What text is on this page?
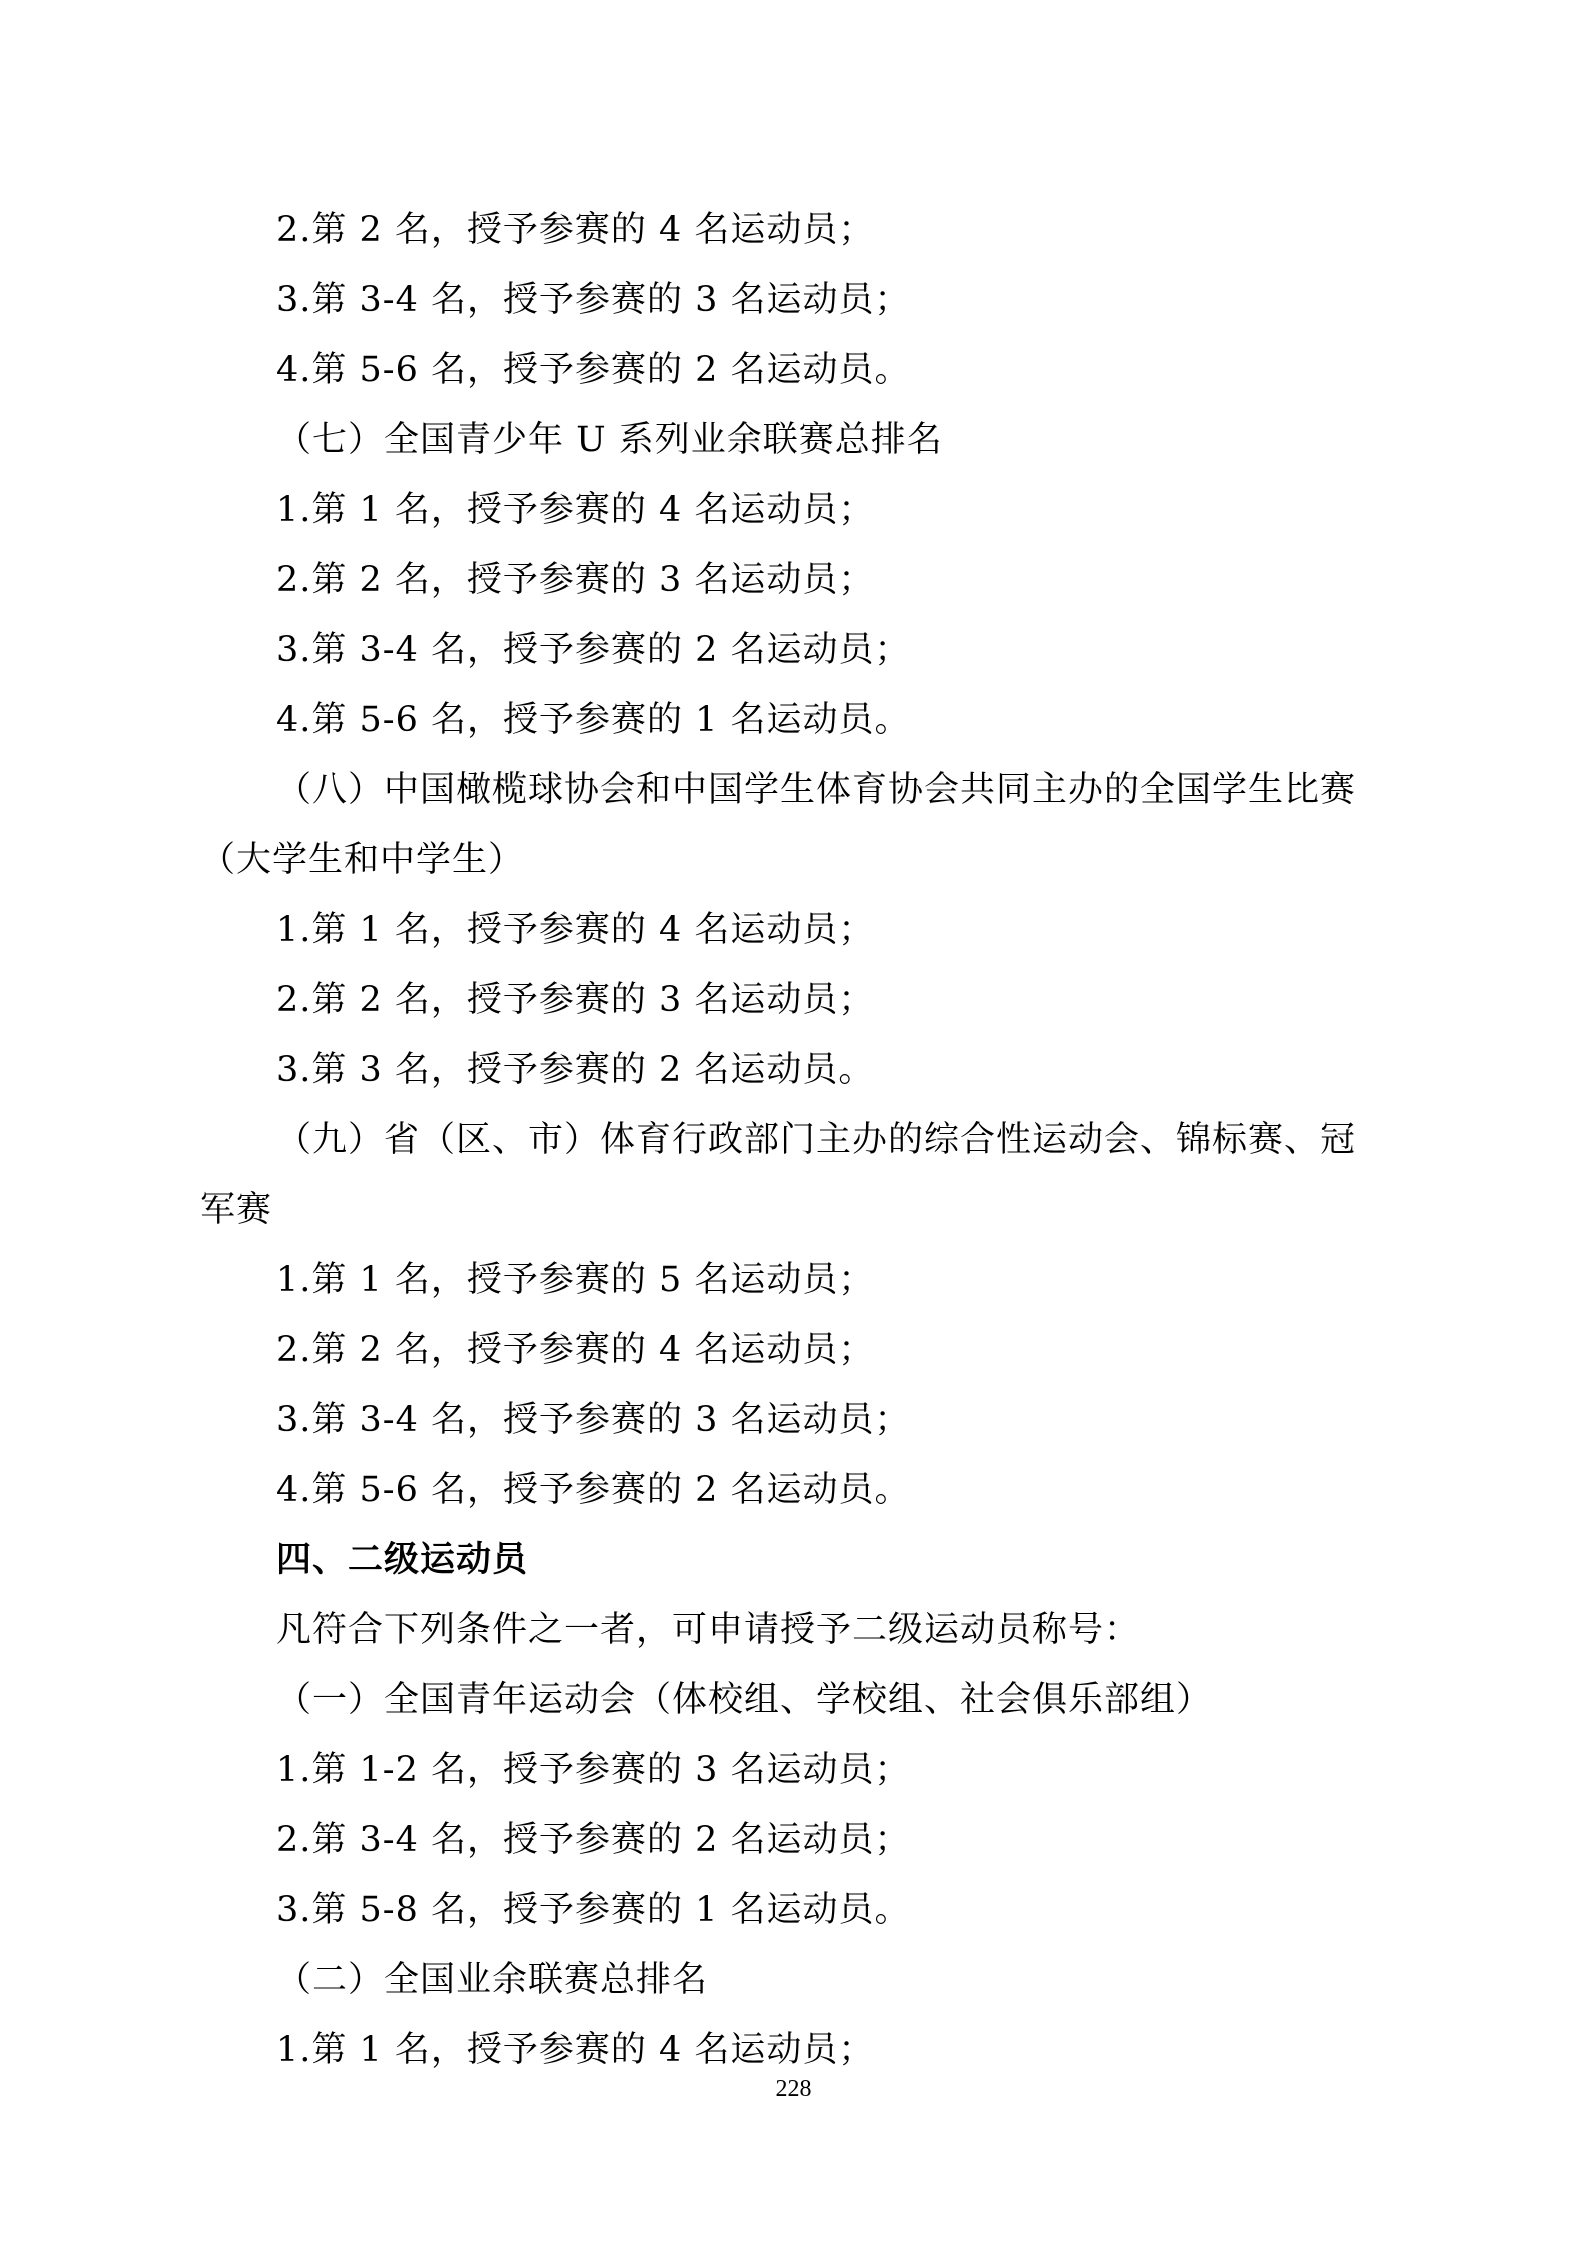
2.第 2 名，授予参赛的 4 名运动员；
3.第 3-4 名，授予参赛的 3 名运动员；
4.第 5-6 名，授予参赛的 2 名运动员。
（七）全国青少年 U 系列业余联赛总排名
1.第 1 名，授予参赛的 4 名运动员；
2.第 2 名，授予参赛的 3 名运动员；
3.第 3-4 名，授予参赛的 2 名运动员；
4.第 5-6 名，授予参赛的 1 名运动员。
（八）中国橄榄球协会和中国学生体育协会共同主办的全国学生比赛
（大学生和中学生）
1.第 1 名，授予参赛的 4 名运动员；
2.第 2 名，授予参赛的 3 名运动员；
3.第 3 名，授予参赛的 2 名运动员。
（九）省（区、市）体育行政部门主办的综合性运动会、锦标赛、冠
军赛
1.第 1 名，授予参赛的 5 名运动员；
2.第 2 名，授予参赛的 4 名运动员；
3.第 3-4 名，授予参赛的 3 名运动员；
4.第 5-6 名，授予参赛的 2 名运动员。
四、二级运动员
凡符合下列条件之一者，可申请授予二级运动员称号：
（一）全国青年运动会（体校组、学校组、社会俱乐部组）
1.第 1-2 名，授予参赛的 3 名运动员；
2.第 3-4 名，授予参赛的 2 名运动员；
3.第 5-8 名，授予参赛的 1 名运动员。
（二）全国业余联赛总排名
1.第 1 名，授予参赛的 4 名运动员；
228
